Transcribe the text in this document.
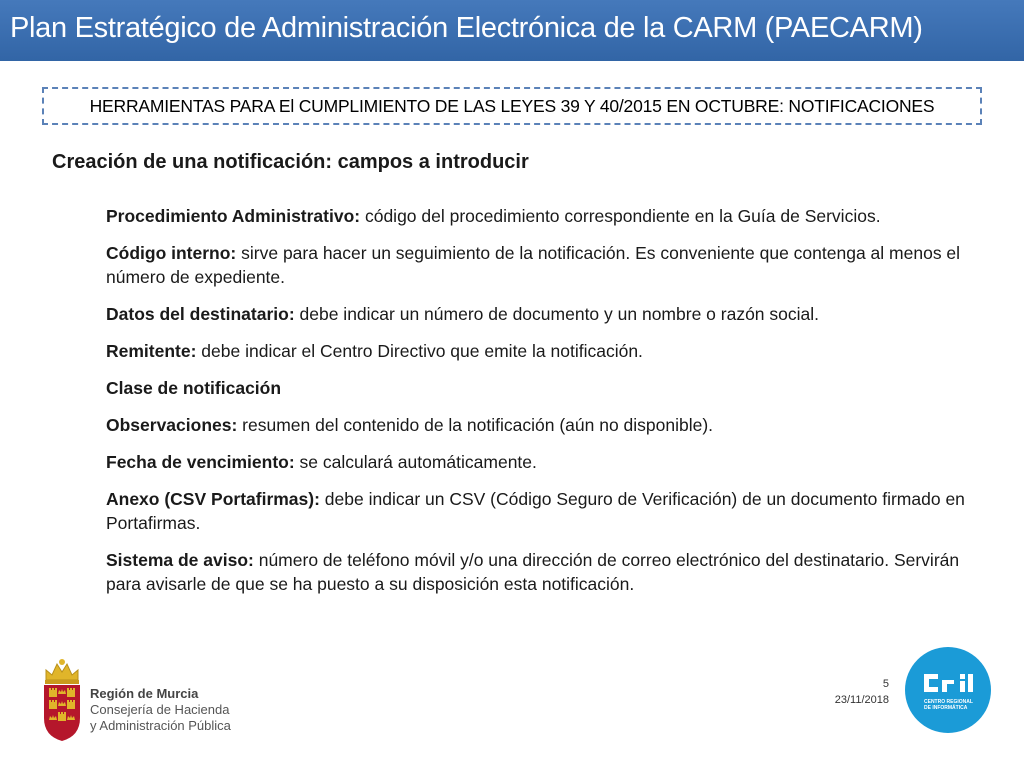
Plan Estratégico de Administración Electrónica de la CARM (PAECARM)
HERRAMIENTAS PARA El CUMPLIMIENTO DE LAS LEYES 39 Y 40/2015 EN OCTUBRE: NOTIFICACIONES
Creación de una notificación: campos a introducir

Procedimiento Administrativo: código del procedimiento correspondiente en la Guía de Servicios.

Código interno: sirve para hacer un seguimiento de la notificación. Es conveniente que contenga al menos el número de expediente.

Datos del destinatario: debe indicar un número de documento y un nombre o razón social.

Remitente: debe indicar el Centro Directivo que emite la notificación.

Clase de notificación

Observaciones: resumen del contenido de la notificación (aún no disponible).

Fecha de vencimiento: se calculará automáticamente.

Anexo (CSV Portafirmas): debe indicar un CSV (Código Seguro de Verificación) de un documento firmado en Portafirmas.

Sistema de aviso: número de teléfono móvil y/o una dirección de correo electrónico del destinatario. Servirán para avisarle de que se ha puesto a su disposición esta notificación.

Región de Murcia
Consejería de Hacienda
y Administración Pública
5
23/11/2018
CRI
CENTRO REGIONAL
DE INFORMÁTICA
